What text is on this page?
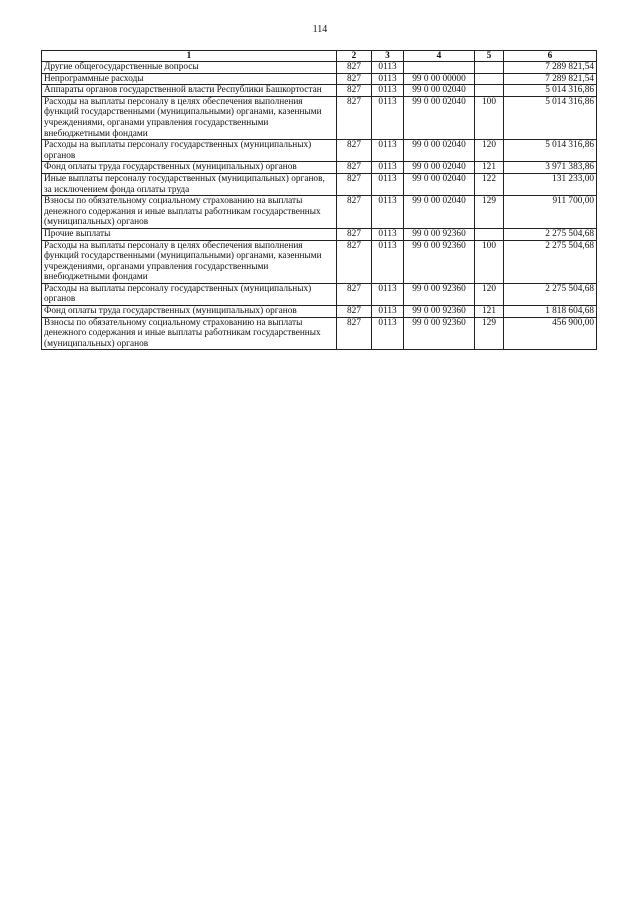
114
1	2	3	4	5	6
Другие общегосударственные вопросы	827	0113			7 289 821,54
Непрограммные расходы	827	0113	99 0 00 00000		7 289 821,54
Аппараты органов государственной власти Республики Башкортостан	827	0113	99 0 00 02040		5 014 316,86
Расходы на выплаты персоналу в целях обеспечения выполнения функций государственными (муниципальными) органами, казенными учреждениями, органами управления государственными внебюджетными фондами	827	0113	99 0 00 02040	100	5 014 316,86
Расходы на выплаты персоналу государственных (муниципальных) органов	827	0113	99 0 00 02040	120	5 014 316,86
Фонд оплаты труда государственных (муниципальных) органов	827	0113	99 0 00 02040	121	3 971 383,86
Иные выплаты персоналу государственных (муниципальных) органов, за исключением фонда оплаты труда	827	0113	99 0 00 02040	122	131 233,00
Взносы по обязательному социальному страхованию на выплаты денежного содержания и иные выплаты работникам государственных (муниципальных) органов	827	0113	99 0 00 02040	129	911 700,00
Прочие выплаты	827	0113	99 0 00 92360		2 275 504,68
Расходы на выплаты персоналу в целях обеспечения выполнения функций государственными (муниципальными) органами, казенными учреждениями, органами управления государственными внебюджетными фондами	827	0113	99 0 00 92360	100	2 275 504,68
Расходы на выплаты персоналу государственных (муниципальных) органов	827	0113	99 0 00 92360	120	2 275 504,68
Фонд оплаты труда государственных (муниципальных) органов	827	0113	99 0 00 92360	121	1 818 604,68
Взносы по обязательному социальному страхованию на выплаты денежного содержания и иные выплаты работникам государственных (муниципальных) органов	827	0113	99 0 00 92360	129	456 900,00
